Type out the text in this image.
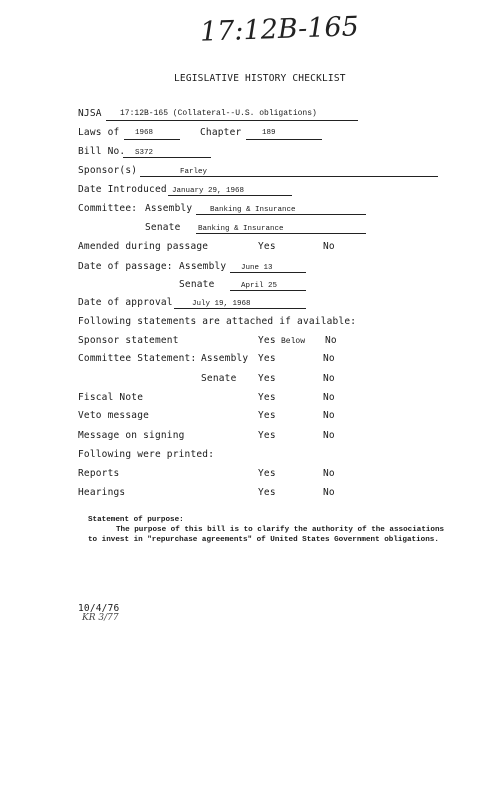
17:12B-165
LEGISLATIVE HISTORY CHECKLIST
NJSA 17:12B-165 (Collateral--U.S. obligations)
Laws of 1968	Chapter	189
Bill No. S372
Sponsor(s)	Farley
Date Introduced January 29, 1968
Committee: Assembly Banking & Insurance
Senate Banking & Insurance
Amended during passage	Yes	No
Date of passage: Assembly June 13
Senate	April 25
Date of approval	July 19, 1968
Following statements are attached if available:
Sponsor statement	Yes Below No
Committee Statement: Assembly Yes	No
Senate Yes	No
Fiscal Note	Yes	No
Veto message	Yes	No
Message on signing	Yes	No
Following were printed:
Reports	Yes	No
Hearings	Yes	No
Statement of purpose:
The purpose of this bill is to clarify the authority of the associations to invest in "repurchase agreements" of United States Government obligations.
10/4/76
KR 3/77
